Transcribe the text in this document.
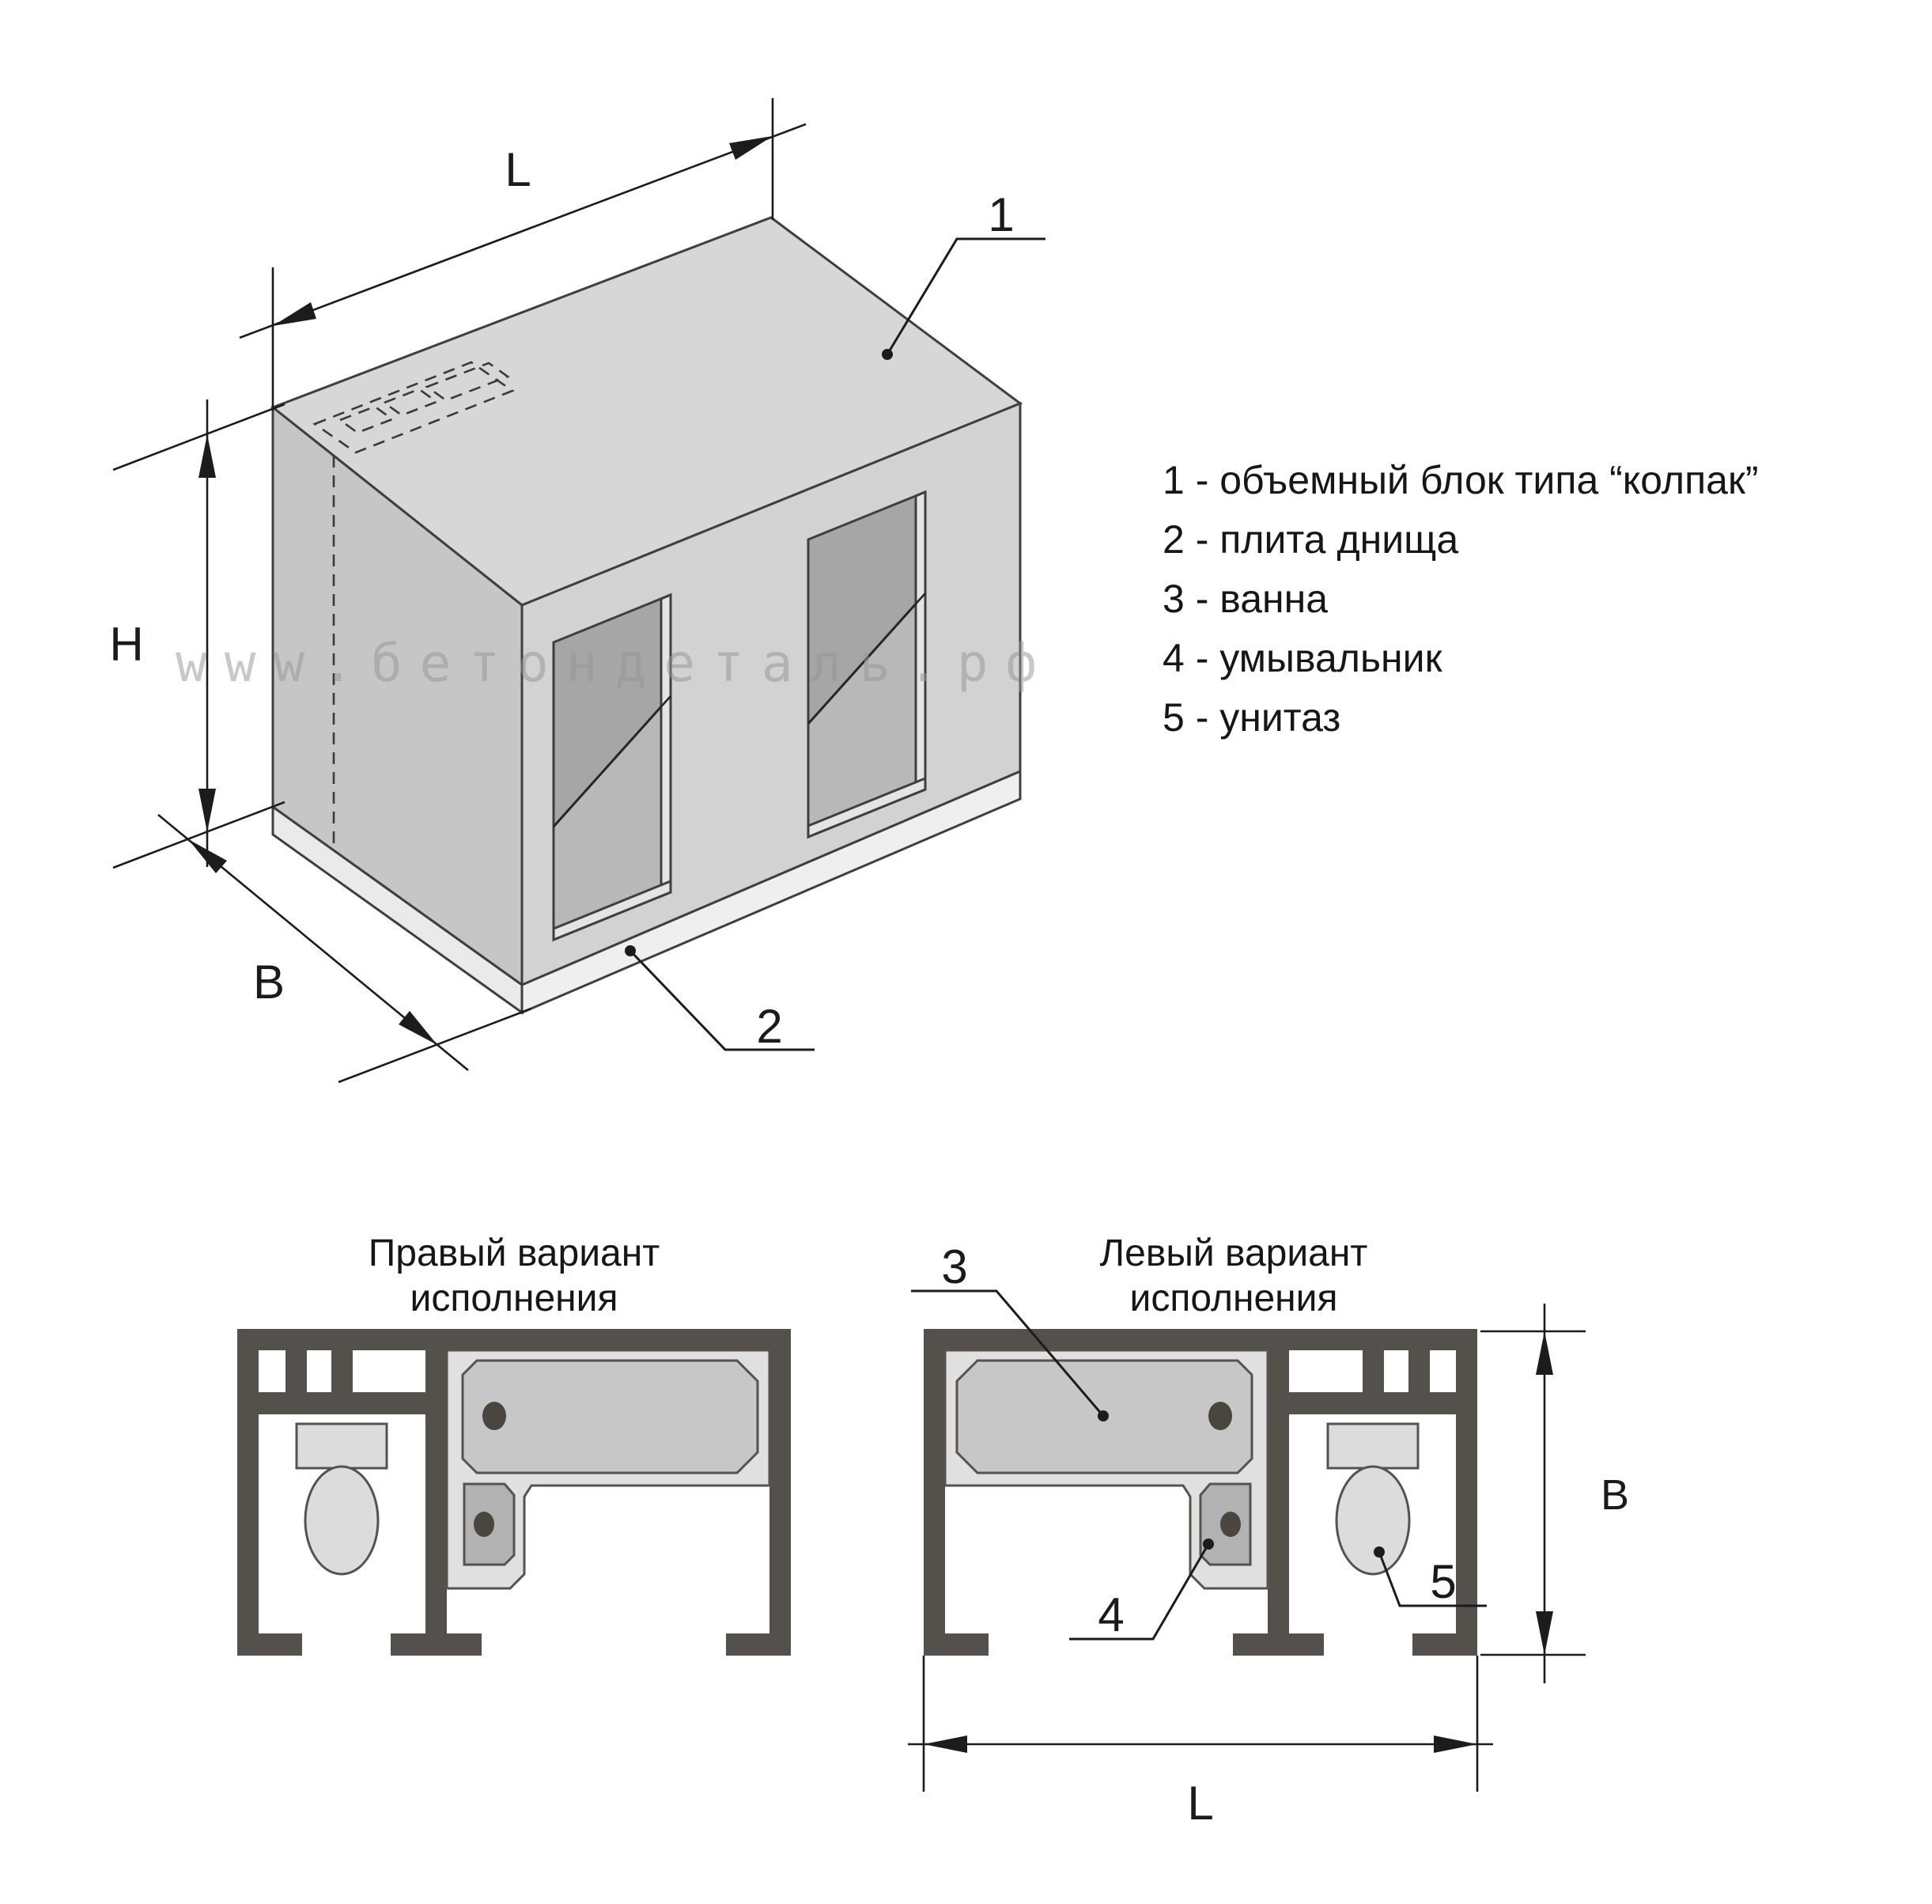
L
H
B
1
2
3
4
5
В
L
www.бетондеталь.рф
1 - объемный блок типа “колпак”
2 - плита днища
3 - ванна
4 - умывальник
5 - унитаз
Правый вариант
исполнения
Левый вариант
исполнения
